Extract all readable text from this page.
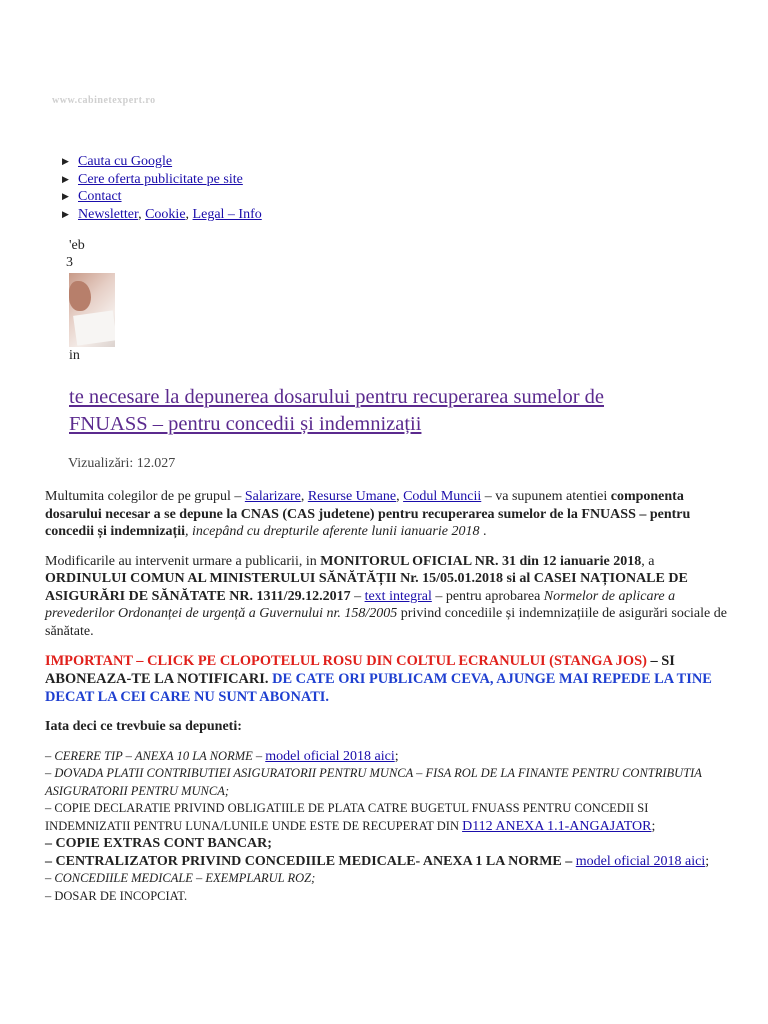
www.cabinetexpert.ro
▶ Cauta cu Google
▶ Cere oferta publicitate pe site
▶ Contact
▶ Newsletter, Cookie, Legal – Info
'eb
3
in
te necesare la depunerea dosarului pentru recuperarea sumelor de
FNUASS – pentru concedii și indemnizații
Vizualizări: 12.027

Multumita colegilor de pe grupul – Salarizare, Resurse Umane, Codul Muncii – va supunem atentiei componenta dosarului necesar a se depune la CNAS (CAS judetene) pentru recuperarea sumelor de la FNUASS – pentru concedii și indemnizații, incepând cu drepturile aferente lunii ianuarie 2018 .

Modificarile au intervenit urmare a publicarii, in MONITORUL OFICIAL NR. 31 din 12 ianuarie 2018, a ORDINULUI COMUN AL MINISTERULUI SĂNĂTĂȚII Nr. 15/05.01.2018 si al CASEI NAȚIONALE DE ASIGURĂRI DE SĂNĂTATE NR. 1311/29.12.2017 – text integral – pentru aprobarea Normelor de aplicare a prevederilor Ordonanței de urgență a Guvernului nr. 158/2005 privind concediile și indemnizațiile de asigurări sociale de sănătate.

IMPORTANT – CLICK PE CLOPOTELUL ROSU DIN COLTUL ECRANULUI (STANGA JOS) – SI ABONEAZA-TE LA NOTIFICARI. DE CATE ORI PUBLICAM CEVA, AJUNGE MAI REPEDE LA TINE DECAT LA CEI CARE NU SUNT ABONATI.

Iata deci ce trevbuie sa depuneti:

– CERERE TIP – ANEXA 10 LA NORME – model oficial 2018 aici;
– DOVADA PLATII CONTRIBUTIEI ASIGURATORII PENTRU MUNCA – FISA ROL DE LA FINANTE PENTRU CONTRIBUTIA ASIGURATORII PENTRU MUNCA;
– COPIE DECLARATIE PRIVIND OBLIGATIILE DE PLATA CATRE BUGETUL FNUASS PENTRU CONCEDII SI INDEMNIZATII PENTRU LUNA/LUNILE UNDE ESTE DE RECUPERAT DIN D112 ANEXA 1.1-ANGAJATOR;
– COPIE EXTRAS CONT BANCAR;
– CENTRALIZATOR PRIVIND CONCEDIILE MEDICALE- ANEXA 1 LA NORME – model oficial 2018 aici;
– CONCEDIILE MEDICALE – EXEMPLARUL ROZ;
– DOSAR DE INCOPCIAT.
